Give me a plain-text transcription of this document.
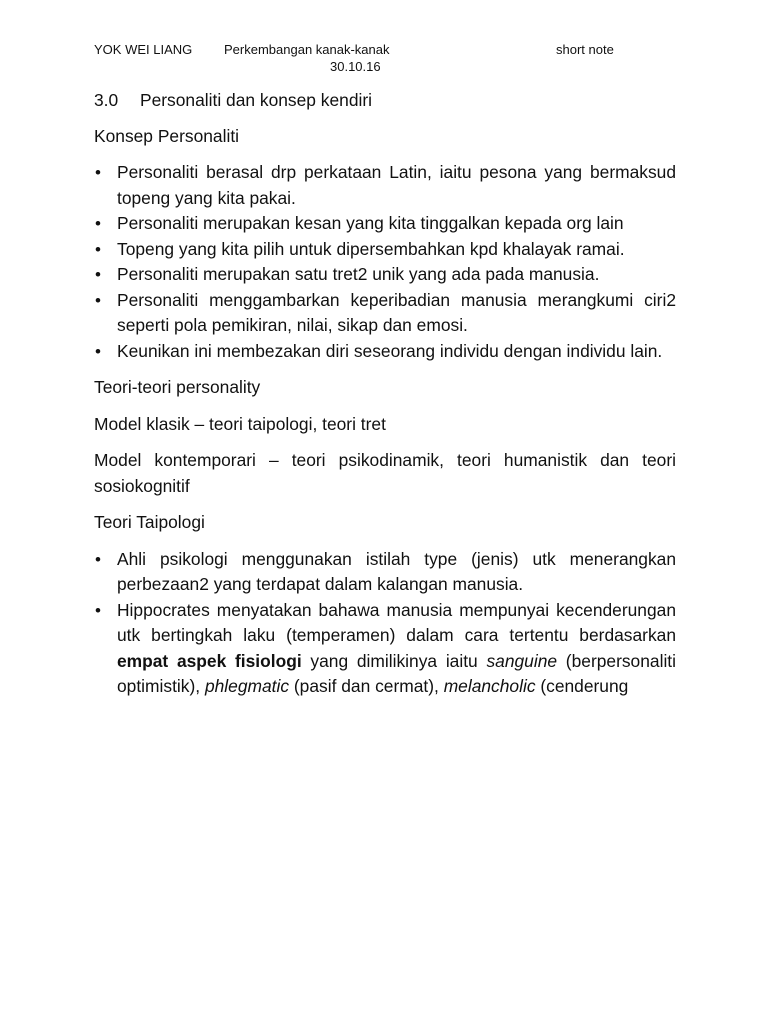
YOK WEI LIANG Perkembangan kanak-kanak	short note
30.10.16

3.0 Personaliti dan konsep kendiri

Konsep Personaliti

• Personaliti berasal drp perkataan Latin, iaitu pesona yang bermaksud topeng yang kita pakai.
• Personaliti merupakan kesan yang kita tinggalkan kepada org lain
• Topeng yang kita pilih untuk dipersembahkan kpd khalayak ramai.
• Personaliti merupakan satu tret2 unik yang ada pada manusia.
• Personaliti menggambarkan keperibadian manusia merangkumi ciri2 seperti pola pemikiran, nilai, sikap dan emosi.
• Keunikan ini membezakan diri seseorang individu dengan individu lain.

Teori-teori personality

Model klasik – teori taipologi, teori tret

Model kontemporari – teori psikodinamik, teori humanistik dan teori sosiokognitif

Teori Taipologi

• Ahli psikologi menggunakan istilah type (jenis) utk menerangkan perbezaan2 yang terdapat dalam kalangan manusia.
• Hippocrates menyatakan bahawa manusia mempunyai kecenderungan utk bertingkah laku (temperamen) dalam cara tertentu berdasarkan empat aspek fisiologi yang dimilikinya iaitu sanguine (berpersonaliti optimistik), phlegmatic (pasif dan cermat), melancholic (cenderung
